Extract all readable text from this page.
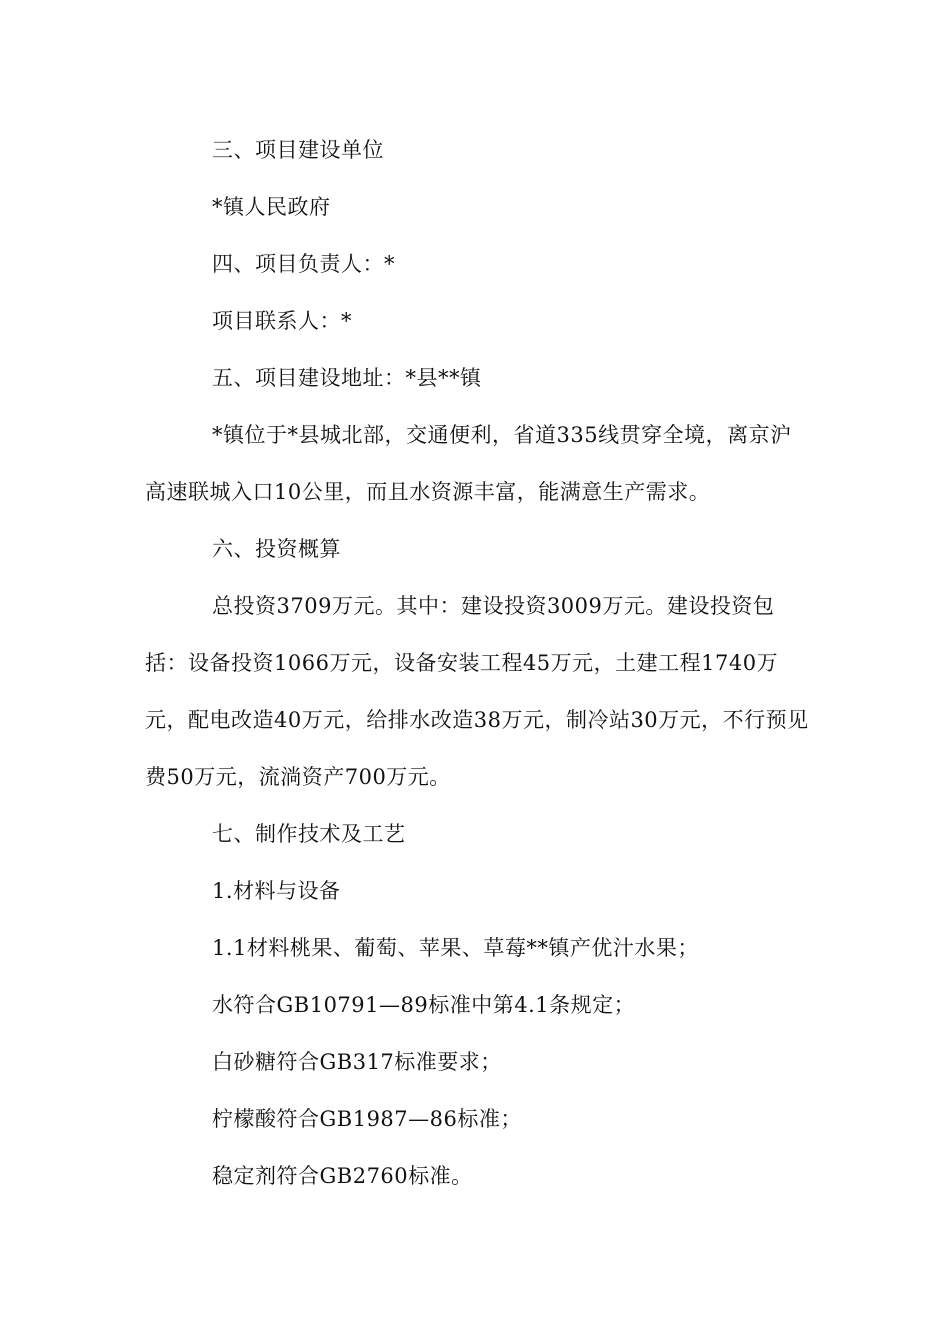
三、项目建设单位

*镇人民政府

四、项目负责人：*

项目联系人：*

五、项目建设地址：*县**镇

*镇位于*县城北部，交通便利，省道335线贯穿全境，离京沪高速联城入口10公里，而且水资源丰富，能满意生产需求。

六、投资概算

总投资3709万元。其中：建设投资3009万元。建设投资包括：设备投资1066万元，设备安装工程45万元，土建工程1740万元，配电改造40万元，给排水改造38万元，制冷站30万元，不行预见费50万元，流淌资产700万元。

七、制作技术及工艺

1.材料与设备

1.1材料桃果、葡萄、苹果、草莓**镇产优汁水果；

水符合GB10791—89标准中第4.1条规定；

白砂糖符合GB317标准要求；

柠檬酸符合GB1987—86标准；

稳定剂符合GB2760标准。
